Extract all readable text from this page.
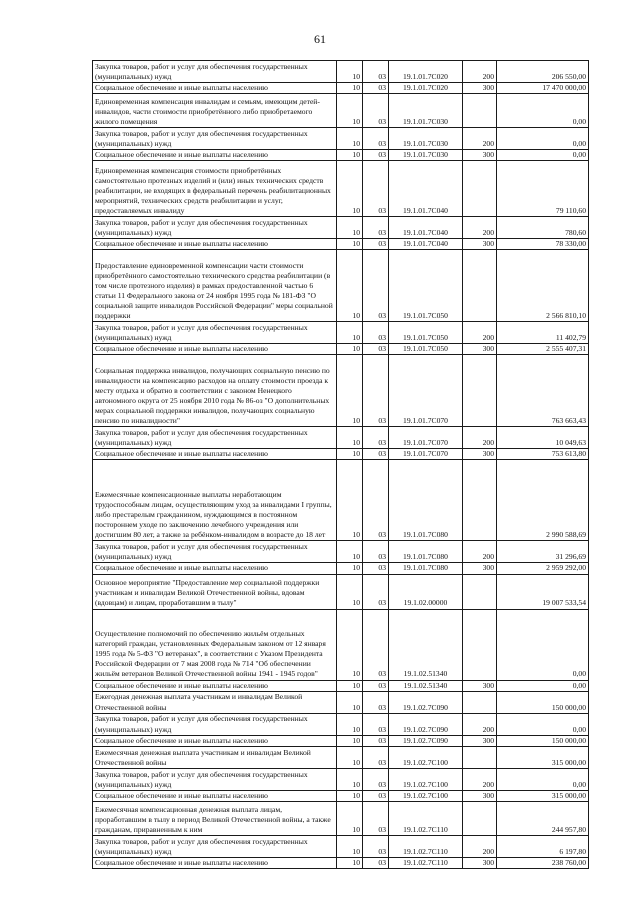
61
Закупка товаров, работ и услуг для обеспечения государственных (муниципальных) нужд	10	03	19.1.01.7С020	200	206 550,00
Социальное обеспечение и иные выплаты населению	10	03	19.1.01.7С020	300	17 470 000,00
Единовременная компенсация инвалидам и семьям, имеющим детей-инвалидов, части стоимости приобретённого либо приобретаемого жилого помещения	10	03	19.1.01.7С030		0,00
Закупка товаров, работ и услуг для обеспечения государственных (муниципальных) нужд	10	03	19.1.01.7С030	200	0,00
Социальное обеспечение и иные выплаты населению	10	03	19.1.01.7С030	300	0,00
Единовременная компенсация стоимости приобретённых самостоятельно протезных изделий и (или) иных технических средств реабилитации, не входящих в федеральный перечень реабилитационных мероприятий, технических средств реабилитации и услуг, предоставляемых инвалиду	10	03	19.1.01.7С040		79 110,60
Закупка товаров, работ и услуг для обеспечения государственных (муниципальных) нужд	10	03	19.1.01.7С040	200	780,60
Социальное обеспечение и иные выплаты населению	10	03	19.1.01.7С040	300	78 330,00
Предоставление единовременной компенсации части стоимости приобретённого самостоятельно технического средства реабилитации (в том числе протезного изделия) в рамках предоставленной частью 6 статьи 11 Федерального закона от 24 ноября 1995 года № 181-ФЗ "О социальной защите инвалидов Российской Федерации" меры социальной поддержки	10	03	19.1.01.7С050		2 566 810,10
Закупка товаров, работ и услуг для обеспечения государственных (муниципальных) нужд	10	03	19.1.01.7С050	200	11 402,79
Социальное обеспечение и иные выплаты населению	10	03	19.1.01.7С050	300	2 555 407,31
Социальная поддержка инвалидов, получающих социальную пенсию по инвалидности на компенсацию расходов на оплату стоимости проезда к месту отдыха и обратно в соответствии с законом Ненецкого автономного округа от 25 ноября 2010 года № 86-оз "О дополнительных мерах социальной поддержки инвалидов, получающих социальную пенсию по инвалидности"	10	03	19.1.01.7С070		763 663,43
Закупка товаров, работ и услуг для обеспечения государственных (муниципальных) нужд	10	03	19.1.01.7С070	200	10 049,63
Социальное обеспечение и иные выплаты населению	10	03	19.1.01.7С070	300	753 613,80
Ежемесячные компенсационные выплаты неработающим трудоспособным лицам, осуществляющим уход за инвалидами I группы, либо престарелым гражданином, нуждающимся в постоянном постороннем уходе по заключению лечебного учреждения или достигшим 80 лет, а также за ребёнком-инвалидом в возрасте до 18 лет	10	03	19.1.01.7С080		2 990 588,69
Закупка товаров, работ и услуг для обеспечения государственных (муниципальных) нужд	10	03	19.1.01.7С080	200	31 296,69
Социальное обеспечение и иные выплаты населению	10	03	19.1.01.7С080	300	2 959 292,00
Основное мероприятие "Предоставление мер социальной поддержки участникам и инвалидам Великой Отечественной войны, вдовам (вдовцам) и лицам, проработавшим в тылу"	10	03	19.1.02.00000		19 007 533,54
Осуществление полномочий по обеспечению жильём отдельных категорий граждан, установленных Федеральным законом от 12 января 1995 года № 5-ФЗ "О ветеранах", в соответствии с Указом Президента Российской Федерации от 7 мая 2008 года № 714 "Об обеспечении жильём ветеранов Великой Отечественной войны 1941 - 1945 годов"	10	03	19.1.02.51340		0,00
Социальное обеспечение и иные выплаты населению	10	03	19.1.02.51340	300	0,00
Ежегодная денежная выплата участникам и инвалидам Великой Отечественной войны	10	03	19.1.02.7С090		150 000,00
Закупка товаров, работ и услуг для обеспечения государственных (муниципальных) нужд	10	03	19.1.02.7С090	200	0,00
Социальное обеспечение и иные выплаты населению	10	03	19.1.02.7С090	300	150 000,00
Ежемесячная денежная выплата участникам и инвалидам Великой Отечественной войны	10	03	19.1.02.7С100		315 000,00
Закупка товаров, работ и услуг для обеспечения государственных (муниципальных) нужд	10	03	19.1.02.7С100	200	0,00
Социальное обеспечение и иные выплаты населению	10	03	19.1.02.7С100	300	315 000,00
Ежемесячная компенсационная денежная выплата лицам, проработавшим в тылу в период Великой Отечественной войны, а также гражданам, приравненным к ним	10	03	19.1.02.7С110		244 957,80
Закупка товаров, работ и услуг для обеспечения государственных (муниципальных) нужд	10	03	19.1.02.7С110	200	6 197,80
Социальное обеспечение и иные выплаты населению	10	03	19.1.02.7С110	300	238 760,00
